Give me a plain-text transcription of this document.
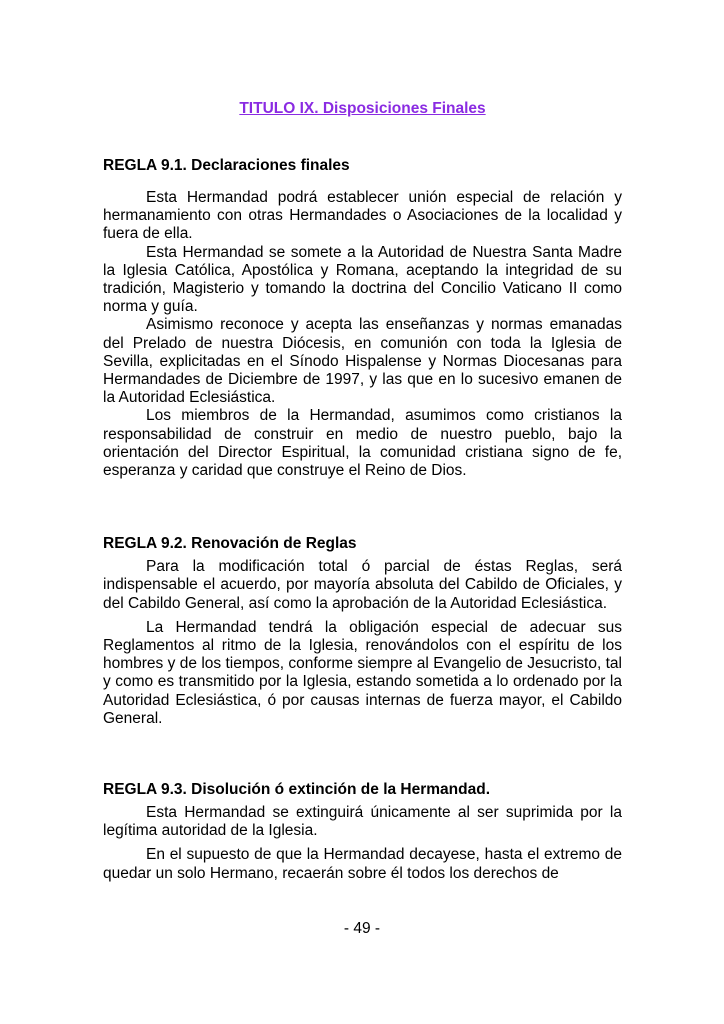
TITULO IX. Disposiciones Finales
REGLA 9.1. Declaraciones finales

Esta Hermandad podrá establecer unión especial de relación y hermanamiento con otras Hermandades o Asociaciones de la localidad y fuera de ella.

Esta Hermandad se somete a la Autoridad de Nuestra Santa Madre la Iglesia Católica, Apostólica y Romana, aceptando la integridad de su tradición, Magisterio y tomando la doctrina del Concilio Vaticano II como norma y guía.

Asimismo reconoce y acepta las enseñanzas y normas emanadas del Prelado de nuestra Diócesis, en comunión con toda la Iglesia de Sevilla, explicitadas en el Sínodo Hispalense y Normas Diocesanas para Hermandades de Diciembre de 1997, y las que en lo sucesivo emanen de la Autoridad Eclesiástica.

Los miembros de la Hermandad, asumimos como cristianos la responsabilidad de construir en medio de nuestro pueblo, bajo la orientación del Director Espiritual, la comunidad cristiana signo de fe, esperanza y caridad que construye el Reino de Dios.

REGLA 9.2. Renovación de Reglas

Para la modificación total ó parcial de éstas Reglas, será indispensable el acuerdo, por mayoría absoluta del Cabildo de Oficiales, y del Cabildo General, así como la aprobación de la Autoridad Eclesiástica.

La Hermandad tendrá la obligación especial de adecuar sus Reglamentos al ritmo de la Iglesia, renovándolos con el espíritu de los hombres y de los tiempos, conforme siempre al Evangelio de Jesucristo, tal y como es transmitido por la Iglesia, estando sometida a lo ordenado por la Autoridad Eclesiástica, ó por causas internas de fuerza mayor, el Cabildo General.

REGLA 9.3. Disolución ó extinción de la Hermandad.

Esta Hermandad se extinguirá únicamente al ser suprimida por la legítima autoridad de la Iglesia.

En el supuesto de que la Hermandad decayese, hasta el extremo de quedar un solo Hermano, recaerán sobre él todos los derechos de

- 49 -
